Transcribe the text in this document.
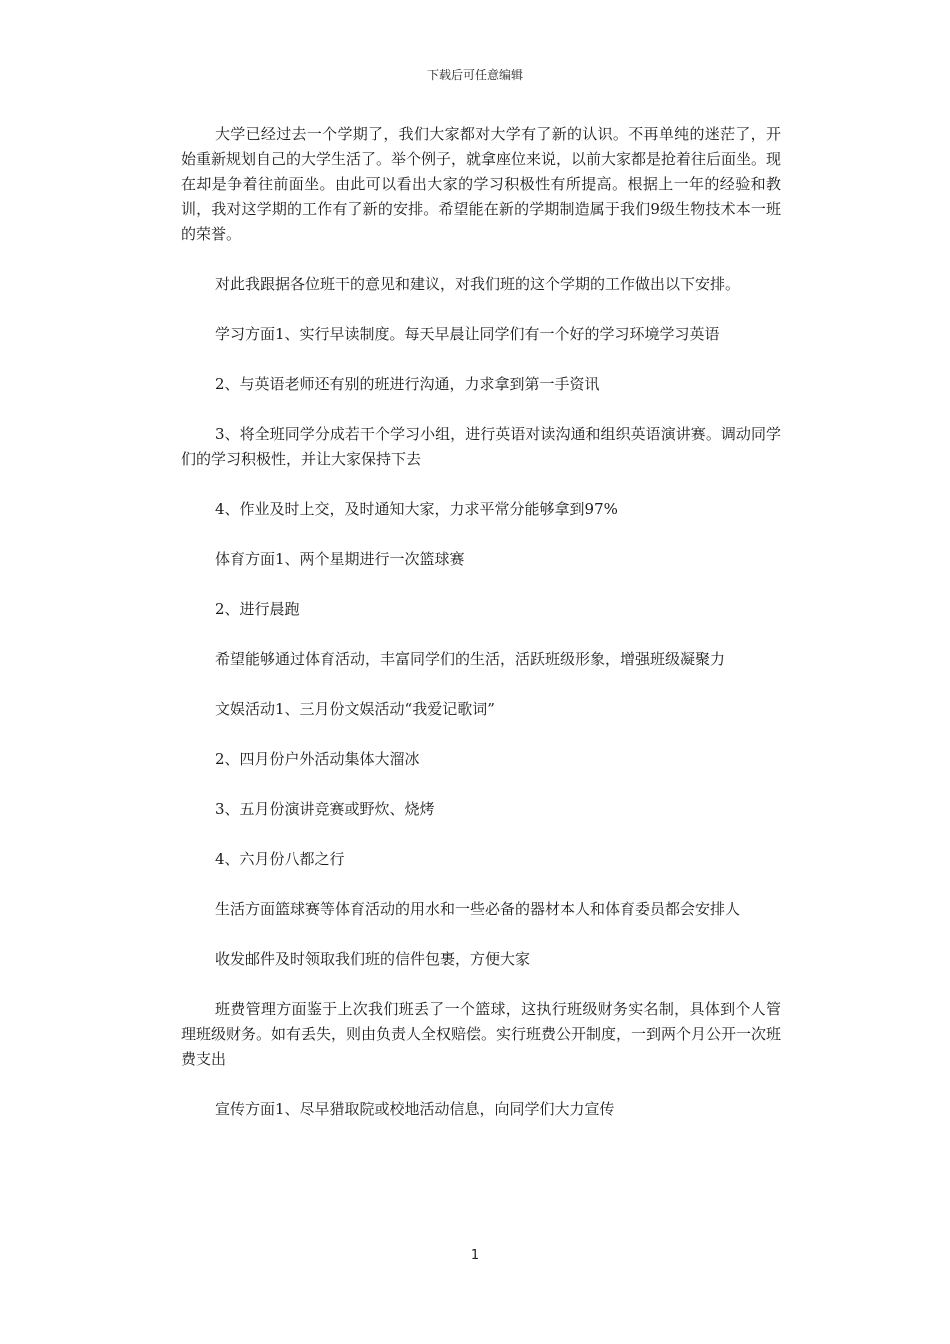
下载后可任意编辑

大学已经过去一个学期了，我们大家都对大学有了新的认识。不再单纯的迷茫了，开始重新规划自己的大学生活了。举个例子，就拿座位来说，以前大家都是抢着往后面坐。现在却是争着往前面坐。由此可以看出大家的学习积极性有所提高。根据上一年的经验和教训，我对这学期的工作有了新的安排。希望能在新的学期制造属于我们9级生物技术本一班的荣誉。

对此我跟据各位班干的意见和建议，对我们班的这个学期的工作做出以下安排。

学习方面1、实行早读制度。每天早晨让同学们有一个好的学习环境学习英语

2、与英语老师还有别的班进行沟通，力求拿到第一手资讯

3、将全班同学分成若干个学习小组，进行英语对读沟通和组织英语演讲赛。调动同学们的学习积极性，并让大家保持下去

4、作业及时上交，及时通知大家，力求平常分能够拿到97%

体育方面1、两个星期进行一次篮球赛

2、进行晨跑

希望能够通过体育活动，丰富同学们的生活，活跃班级形象，增强班级凝聚力

文娱活动1、三月份文娱活动“我爱记歌词”

2、四月份户外活动集体大溜冰

3、五月份演讲竞赛或野炊、烧烤

4、六月份八都之行

生活方面篮球赛等体育活动的用水和一些必备的器材本人和体育委员都会安排人

收发邮件及时领取我们班的信件包裹，方便大家

班费管理方面鉴于上次我们班丢了一个篮球，这执行班级财务实名制，具体到个人管理班级财务。如有丢失，则由负责人全权赔偿。实行班费公开制度，一到两个月公开一次班费支出

宣传方面1、尽早猎取院或校地活动信息，向同学们大力宣传

1
